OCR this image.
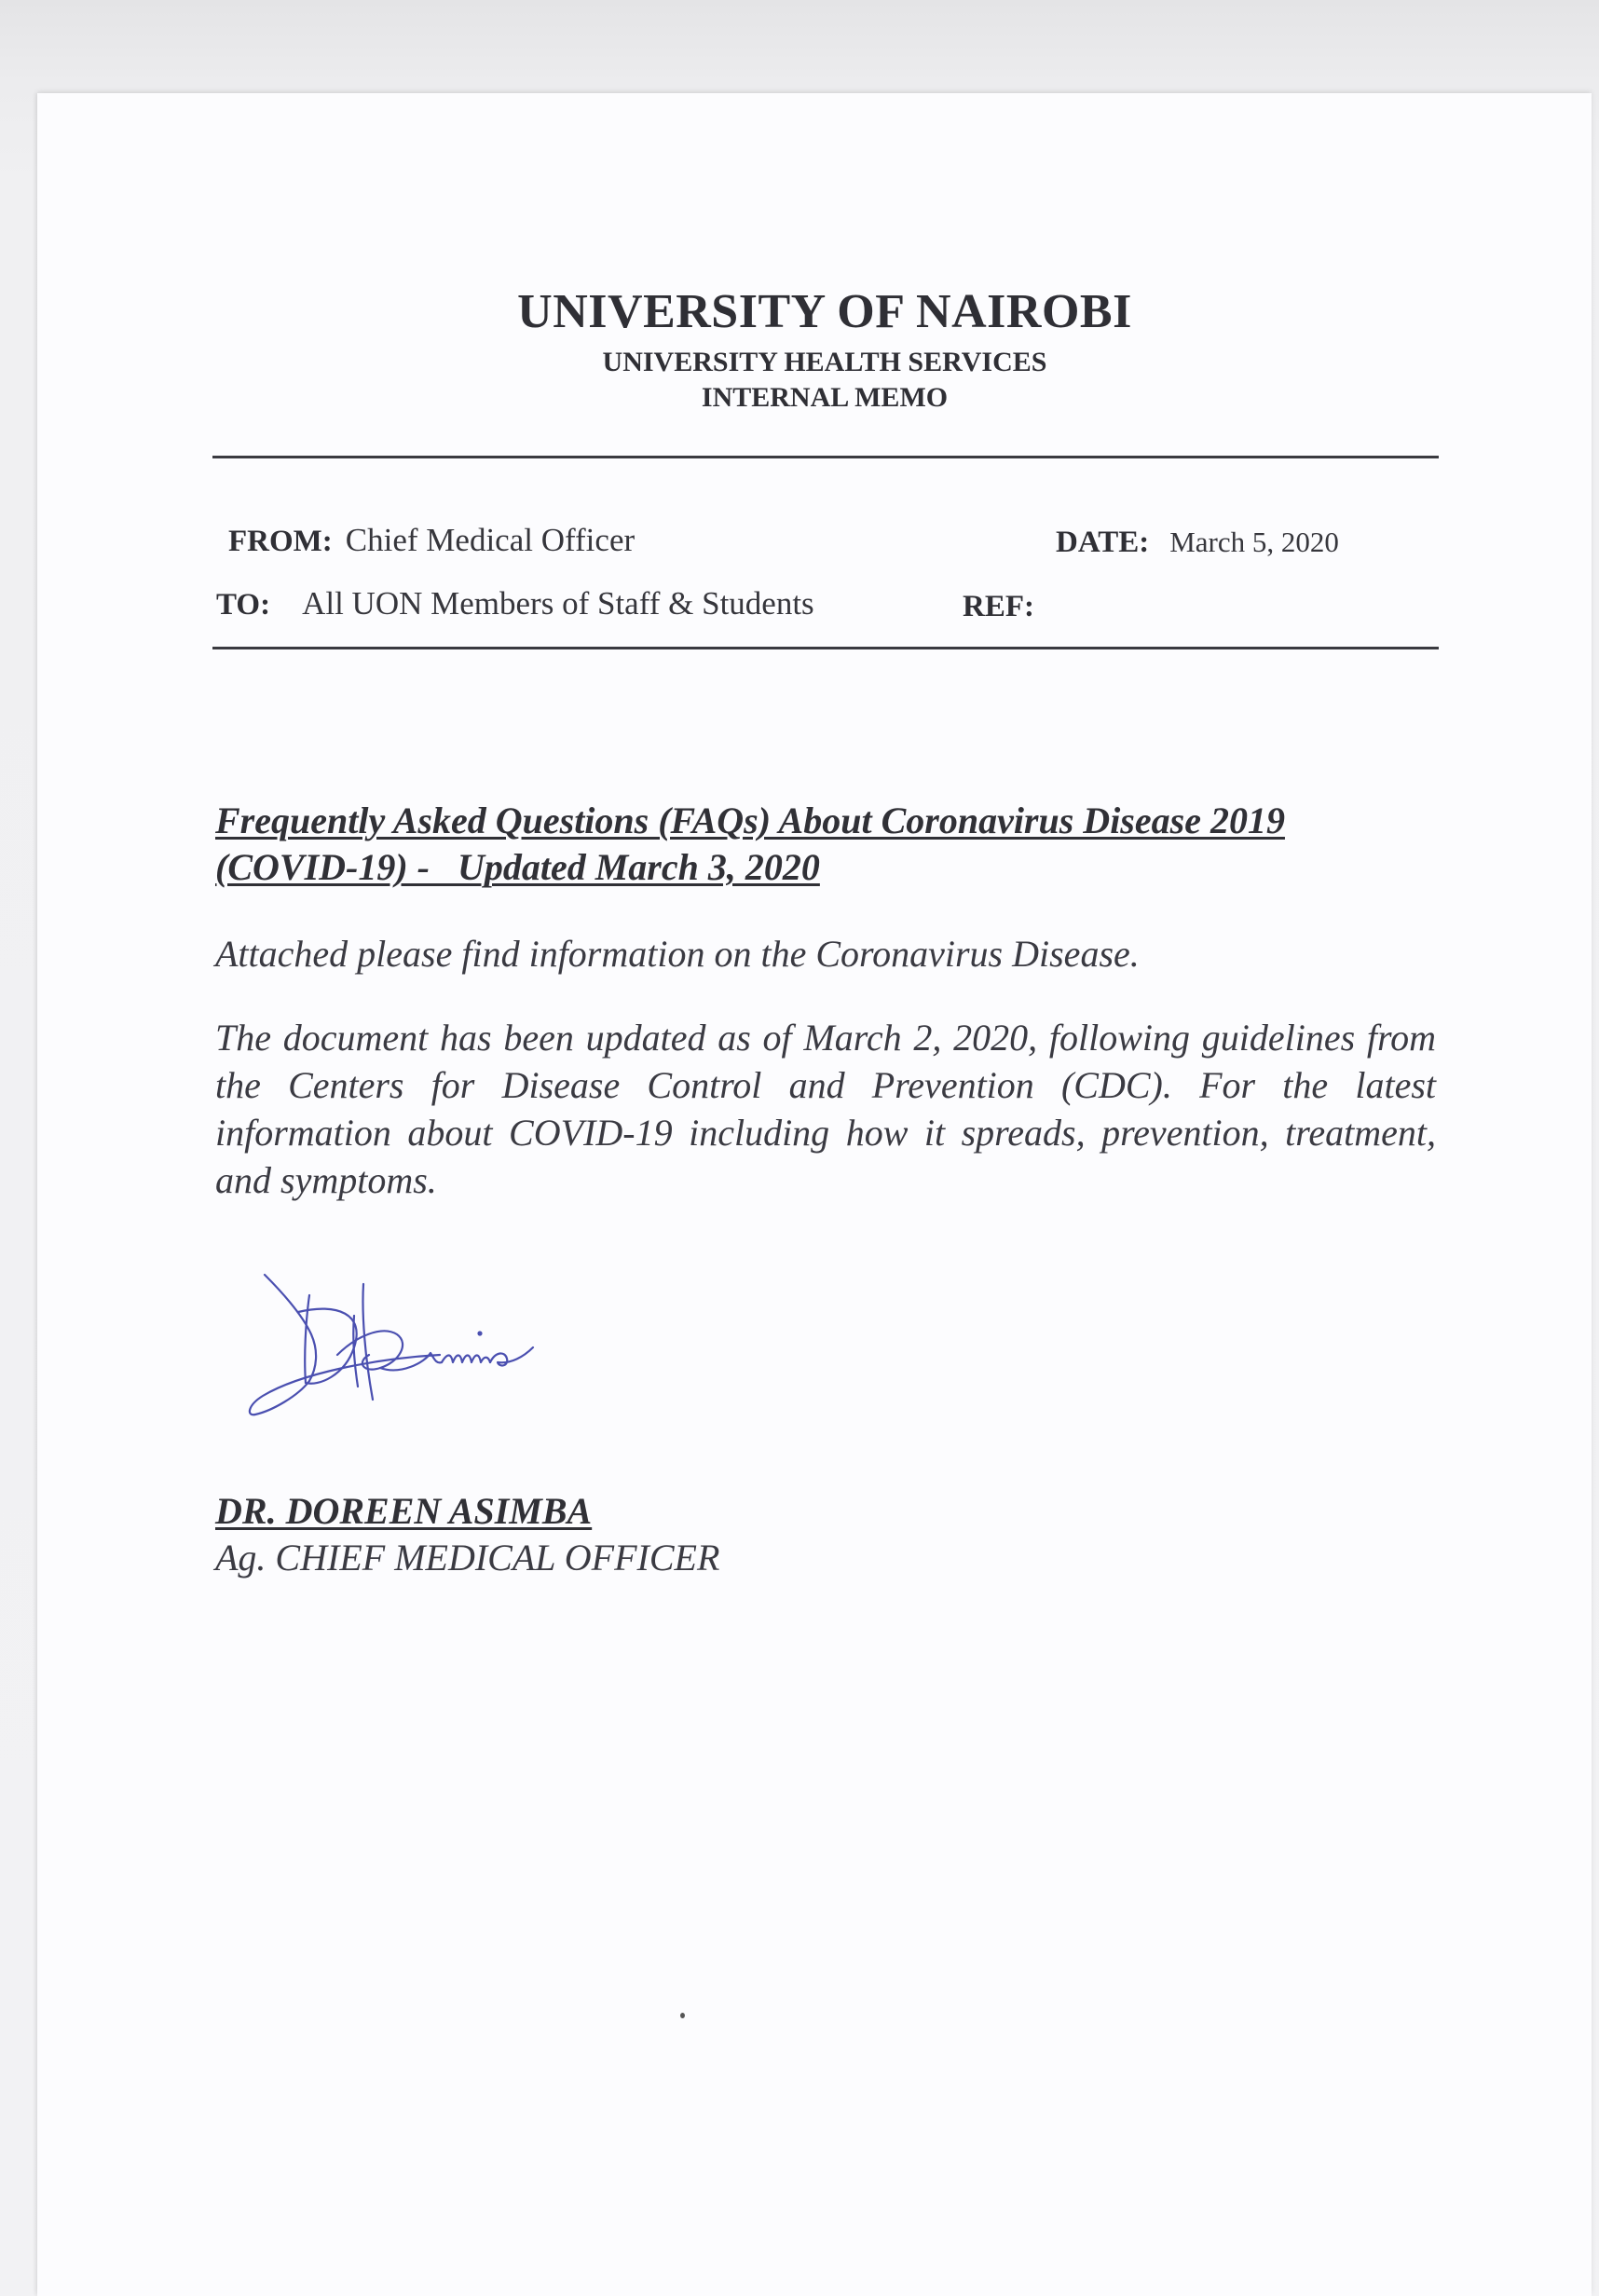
UNIVERSITY OF NAIROBI
UNIVERSITY HEALTH SERVICES
INTERNAL MEMO
FROM: Chief Medical Officer	DATE: March 5, 2020
TO: All UON Members of Staff & Students	REF:
Frequently Asked Questions (FAQs) About Coronavirus Disease 2019
(COVID-19) -   Updated March 3, 2020
Attached please find information on the Coronavirus Disease.
The document has been updated as of March 2, 2020, following guidelines from the Centers for Disease Control and Prevention (CDC). For the latest information about COVID-19 including how it spreads, prevention, treatment, and symptoms.
DR. DOREEN ASIMBA
Ag. CHIEF MEDICAL OFFICER
